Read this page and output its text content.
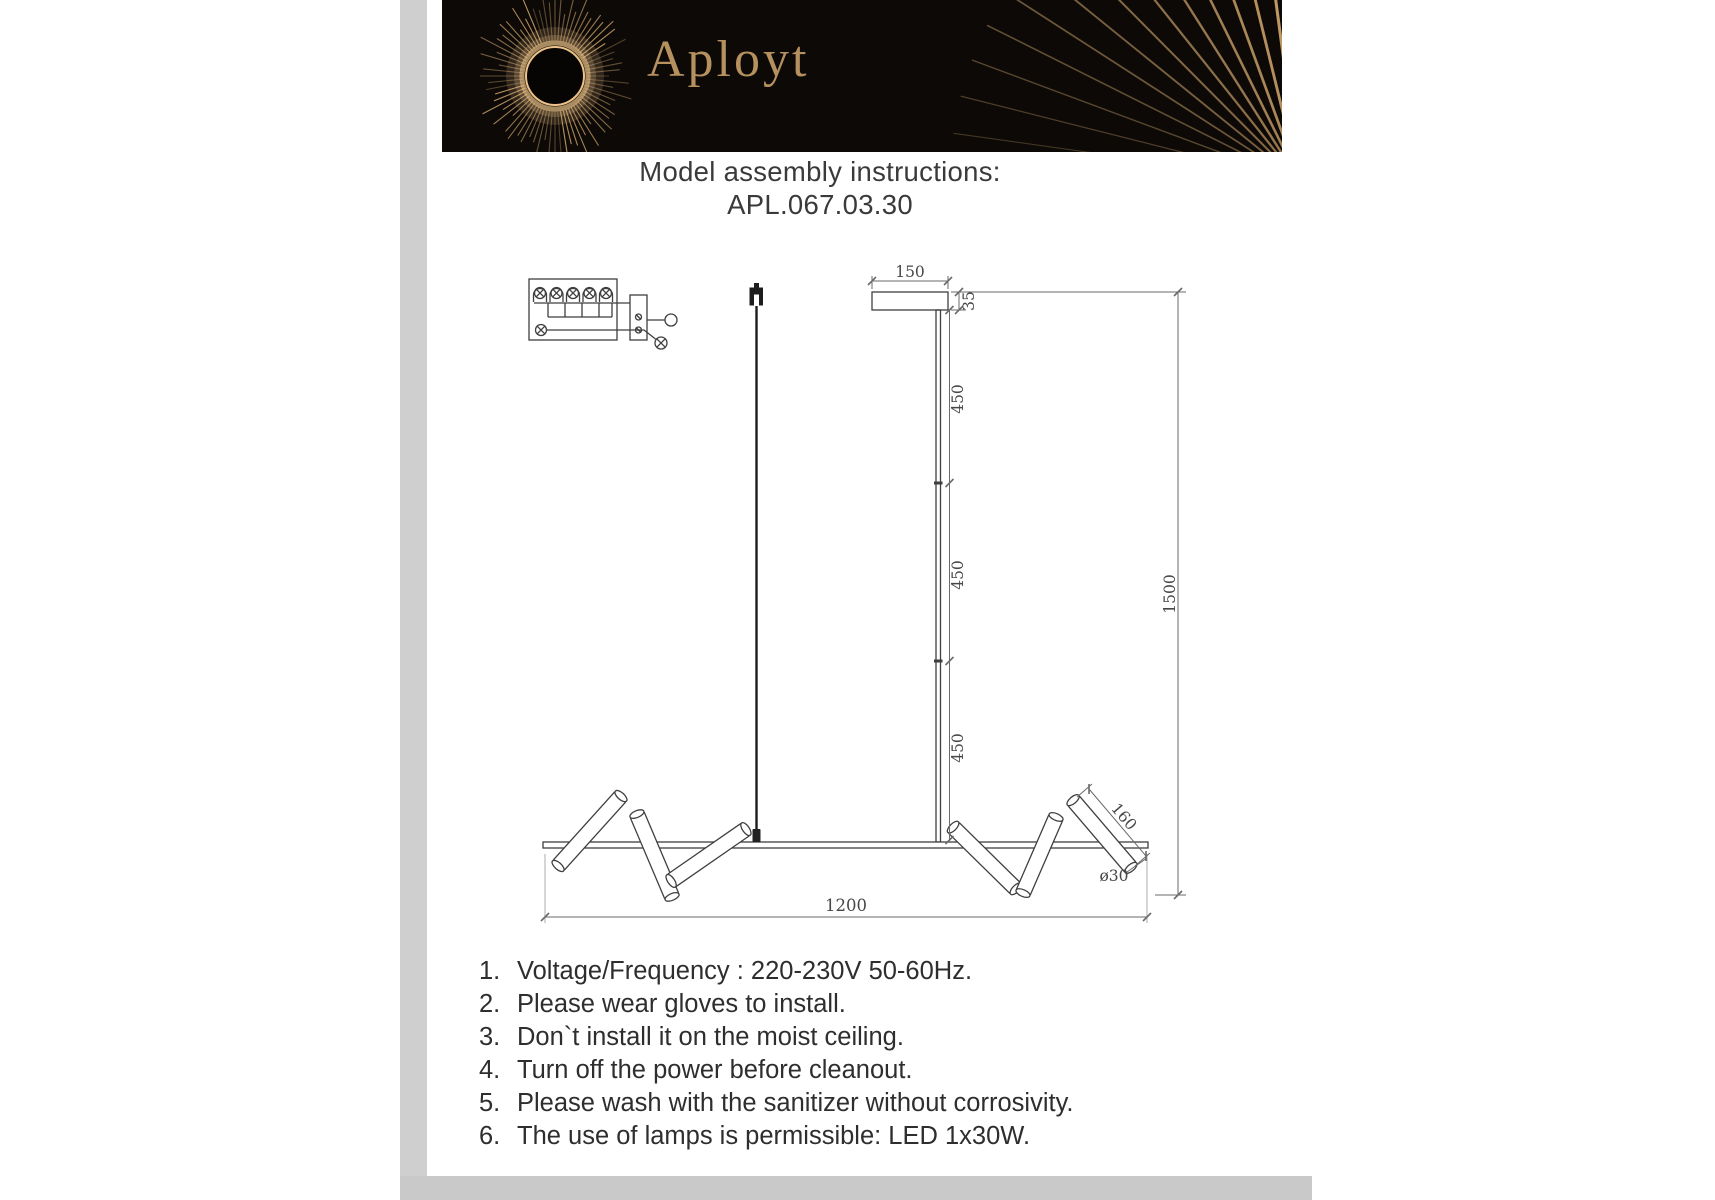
Aployt
Model assembly instructions:
APL.067.03.30
150
35
450
450
450
1500
1200
160
ø30
1. Voltage/Frequency : 220-230V 50-60Hz.
2. Please wear gloves to install.
3. Don`t install it on the moist ceiling.
4. Turn off the power before cleanout.
5. Please wash with the sanitizer without corrosivity.
6. The use of lamps is permissible: LED 1x30W.
